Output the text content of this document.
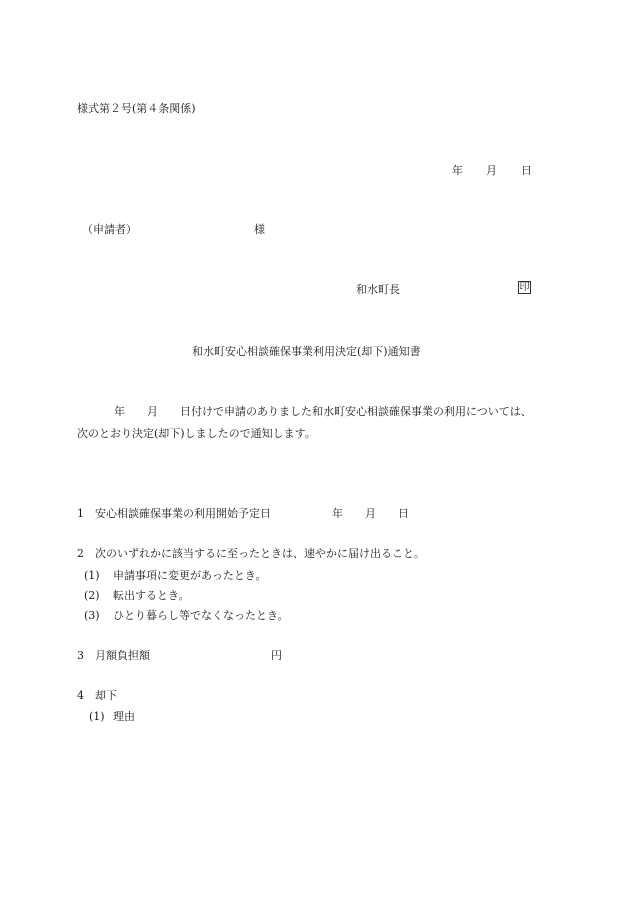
様式第２号(第４条関係)
年 月 日
（申請者）	様
和水町長	印
和水町安心相談確保事業利用決定(却下)通知書
年　　月　　日付けで申請のありました和水町安心相談確保事業の利用については、
次のとおり決定(却下)しましたので通知します。
1 安心相談確保事業の利用開始予定日	年　　月　　日
2 次のいずれかに該当するに至ったときは、速やかに届け出ること。
(1) 申請事項に変更があったとき。
(2) 転出するとき。
(3) ひとり暮らし等でなくなったとき。
3 月額負担額	円
4 却下
(1) 理由
